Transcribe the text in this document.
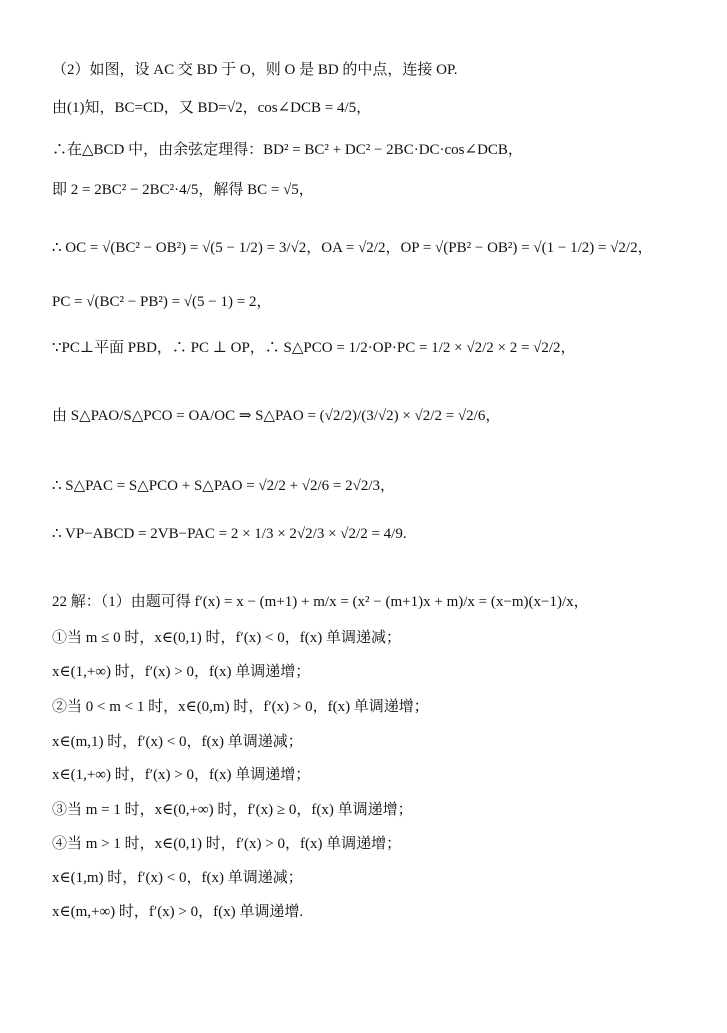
（2）如图，设 AC 交 BD 于 O，则 O 是 BD 的中点，连接 OP.
由(1)知，BC=CD，又 BD=√2，cos∠DCB = 4/5，
∴在△BCD 中，由余弦定理得：BD² = BC² + DC² − 2BC·DC·cos∠DCB，
即 2 = 2BC² − 2BC²·4/5，解得 BC = √5，
∴ OC = √(BC² − OB²) = √(5 − 1/2) = 3/√2，OA = √2/2，OP = √(PB² − OB²) = √(1 − 1/2) = √2/2，
PC = √(BC² − PB²) = √(5 − 1) = 2，
∵PC⊥平面 PBD，∴ PC ⊥ OP，∴ S△PCO = 1/2·OP·PC = 1/2 × √2/2 × 2 = √2/2，
由 S△PAO/S△PCO = OA/OC ⇒ S△PAO = (√2/2)/(3/√2) × √2/2 = √2/6，
∴ S△PAC = S△PCO + S△PAO = √2/2 + √2/6 = 2√2/3，
∴ VP−ABCD = 2VB−PAC = 2 × 1/3 × 2√2/3 × √2/2 = 4/9.
22 解：（1）由题可得 f′(x) = x − (m+1) + m/x = (x² − (m+1)x + m)/x = (x−m)(x−1)/x，
①当 m ≤ 0 时，x∈(0,1) 时，f′(x) < 0，f(x) 单调递减；
x∈(1,+∞) 时，f′(x) > 0，f(x) 单调递增；
②当 0 < m < 1 时，x∈(0,m) 时，f′(x) > 0，f(x) 单调递增；
x∈(m,1) 时，f′(x) < 0，f(x) 单调递减；
x∈(1,+∞) 时，f′(x) > 0，f(x) 单调递增；
③当 m = 1 时，x∈(0,+∞) 时，f′(x) ≥ 0，f(x) 单调递增；
④当 m > 1 时，x∈(0,1) 时，f′(x) > 0，f(x) 单调递增；
x∈(1,m) 时，f′(x) < 0，f(x) 单调递减；
x∈(m,+∞) 时，f′(x) > 0，f(x) 单调递增.
